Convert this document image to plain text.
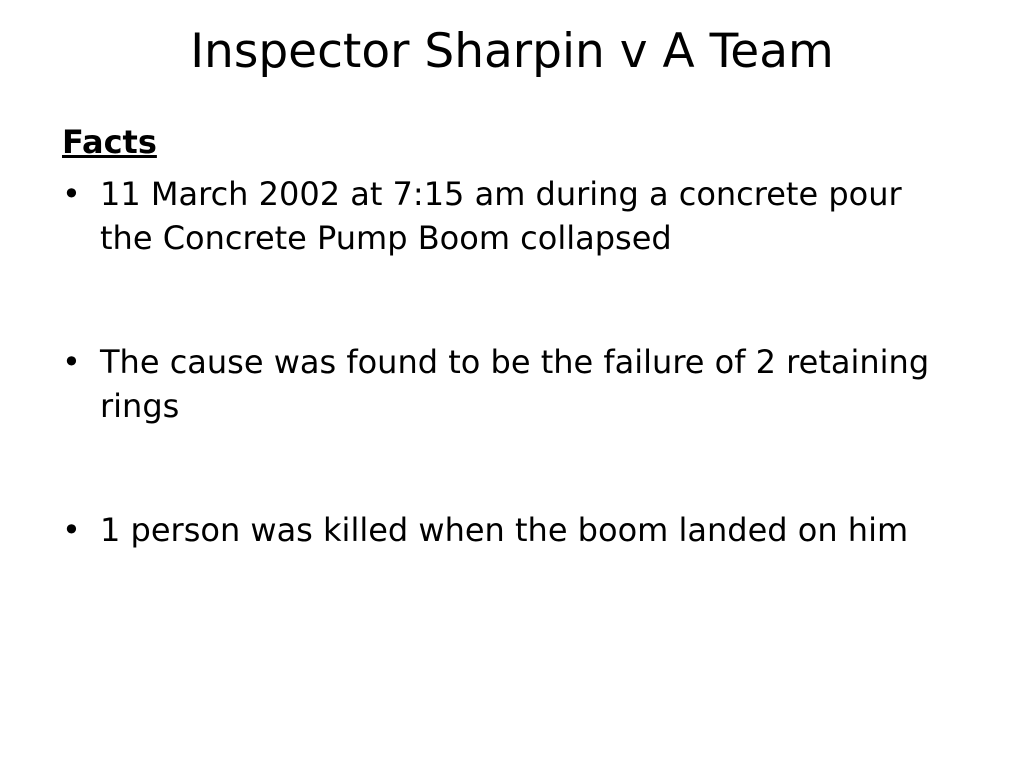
Inspector Sharpin v A Team
Facts
• 11 March 2002 at 7:15 am during a concrete pour the Concrete Pump Boom collapsed
• The cause was found to be the failure of 2 retaining rings
• 1 person was killed when the boom landed on him
